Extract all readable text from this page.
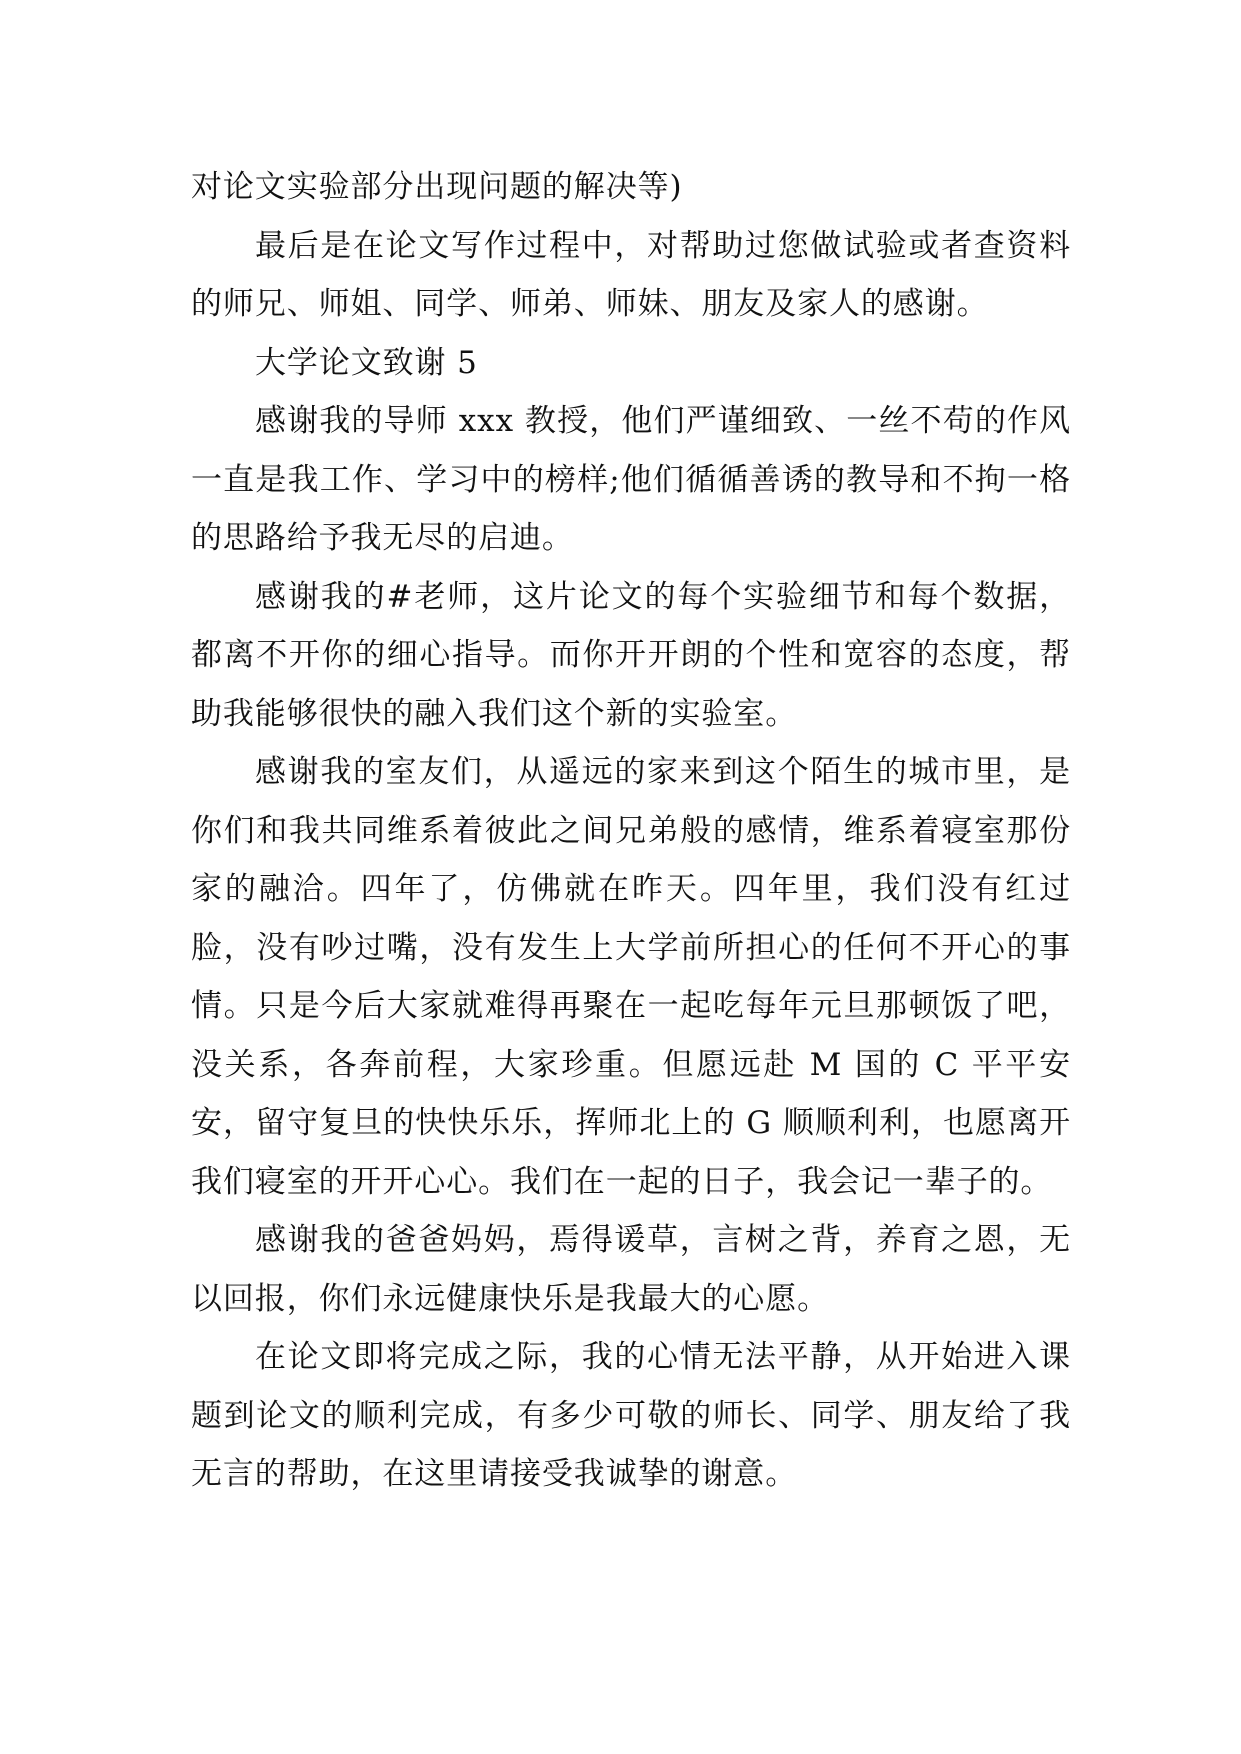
对论文实验部分出现问题的解决等)

最后是在论文写作过程中，对帮助过您做试验或者查资料的师兄、师姐、同学、师弟、师妹、朋友及家人的感谢。

大学论文致谢 5

感谢我的导师 xxx 教授，他们严谨细致、一丝不苟的作风一直是我工作、学习中的榜样;他们循循善诱的教导和不拘一格的思路给予我无尽的启迪。

感谢我的#老师，这片论文的每个实验细节和每个数据，都离不开你的细心指导。而你开开朗的个性和宽容的态度，帮助我能够很快的融入我们这个新的实验室。

感谢我的室友们，从遥远的家来到这个陌生的城市里，是你们和我共同维系着彼此之间兄弟般的感情，维系着寝室那份家的融洽。四年了，仿佛就在昨天。四年里，我们没有红过脸，没有吵过嘴，没有发生上大学前所担心的任何不开心的事情。只是今后大家就难得再聚在一起吃每年元旦那顿饭了吧，没关系，各奔前程，大家珍重。但愿远赴 M 国的 C 平平安安，留守复旦的快快乐乐，挥师北上的 G 顺顺利利，也愿离开我们寝室的开开心心。我们在一起的日子，我会记一辈子的。

感谢我的爸爸妈妈，焉得谖草，言树之背，养育之恩，无以回报，你们永远健康快乐是我最大的心愿。

在论文即将完成之际，我的心情无法平静，从开始进入课题到论文的顺利完成，有多少可敬的师长、同学、朋友给了我无言的帮助，在这里请接受我诚挚的谢意。
